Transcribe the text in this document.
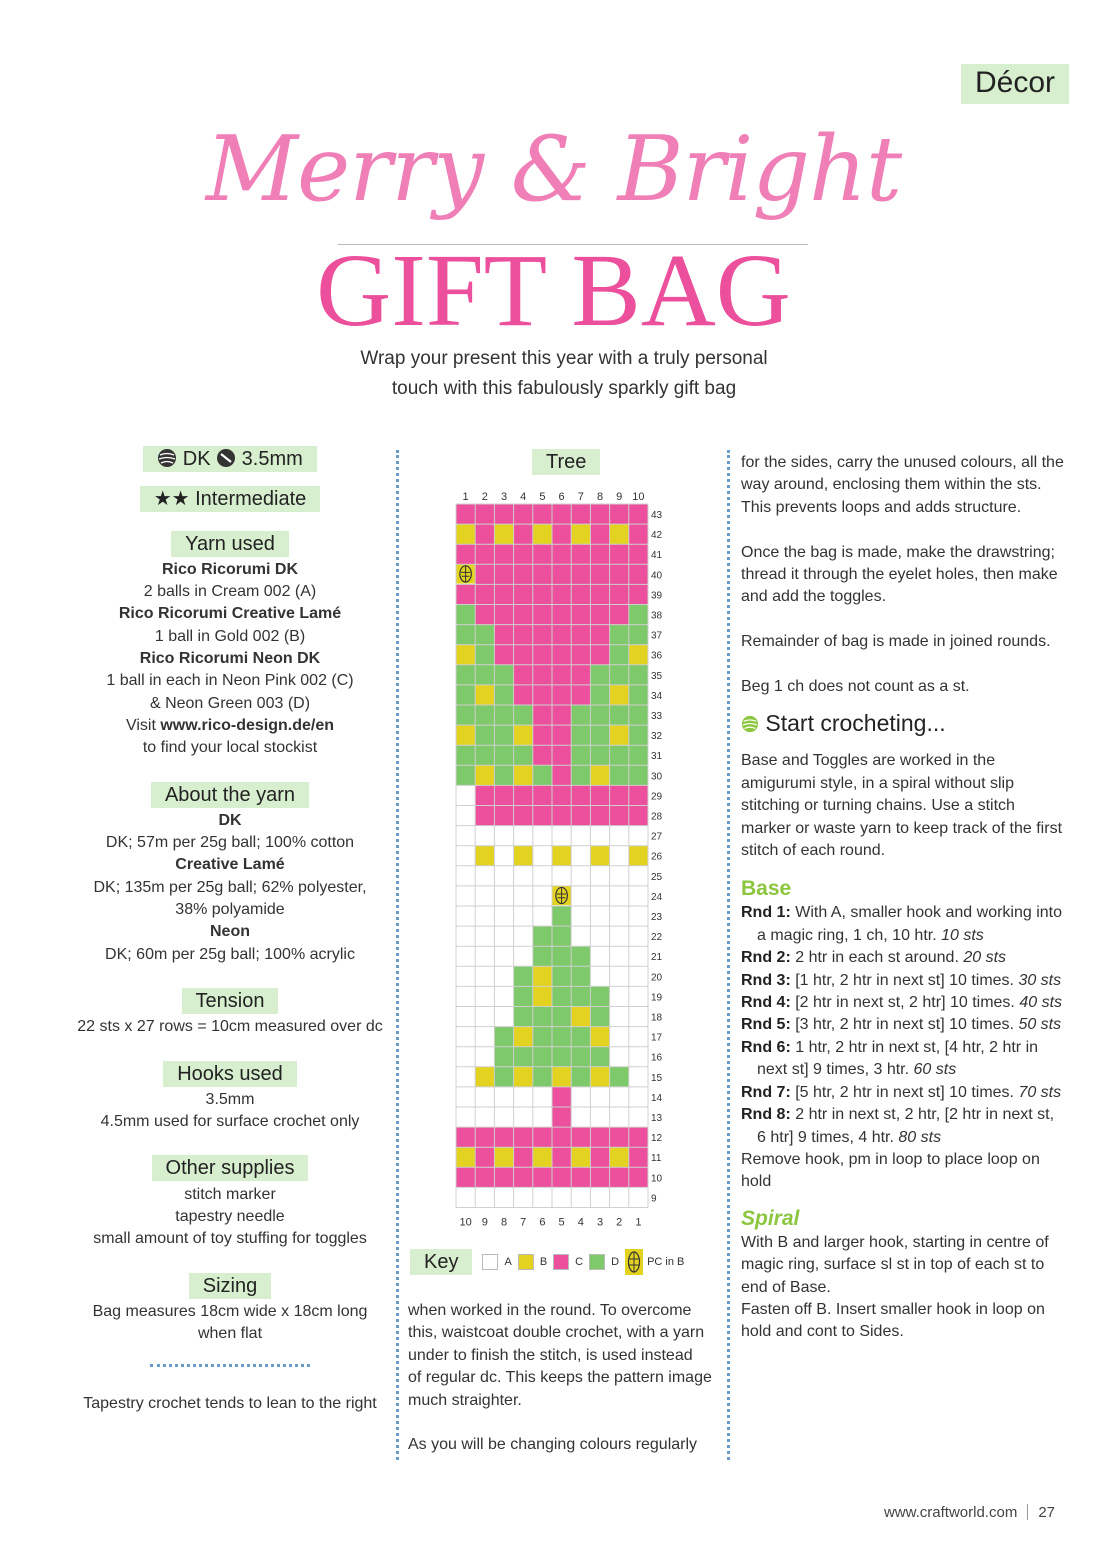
Décor
Merry & Bright
GIFT BAG
Wrap your present this year with a truly personal
touch with this fabulously sparkly gift bag
DK 3.5mm
★★ Intermediate
Yarn used

Rico Ricorumi DK

2 balls in Cream 002 (A)

Rico Ricorumi Creative Lamé

1 ball in Gold 002 (B)

Rico Ricorumi Neon DK

1 ball in each in Neon Pink 002 (C)

& Neon Green 003 (D)

Visit www.rico-design.de/en

to find your local stockist

About the yarn

DK

DK; 57m per 25g ball; 100% cotton

Creative Lamé

DK; 135m per 25g ball; 62% polyester,

38% polyamide

Neon

DK; 60m per 25g ball; 100% acrylic

Tension

22 sts x 27 rows = 10cm measured over dc

Hooks used

3.5mm

4.5mm used for surface crochet only

Other supplies

stitch marker

tapestry needle

small amount of toy stuffing for toggles

Sizing

Bag measures 18cm wide x 18cm long

when flat

Tapestry crochet tends to lean to the right

Tree
1 2 3 4 5 6 7 8 9 10
43
42
41
40
39
38
37
36
35
34
33
32
31
30
29
28
27
26
25
24
23
22
21
20
19
18
17
16
15
14
13
12
11
10
9
10 9 8 7 6 5 4 3 2 1
Key	A	B	C	D	PC in B
when worked in the round. To overcome
this, waistcoat double crochet, with a yarn
under to finish the stitch, is used instead
of regular dc. This keeps the pattern image
much straighter.
As you will be changing colours regularly

for the sides, carry the unused colours, all the way around, enclosing them within the sts. This prevents loops and adds structure.

Once the bag is made, make the drawstring; thread it through the eyelet holes, then make and add the toggles.

Remainder of bag is made in joined rounds.

Beg 1 ch does not count as a st.

Start crocheting...

Base and Toggles are worked in the amigurumi style, in a spiral without slip stitching or turning chains. Use a stitch marker or waste yarn to keep track of the first stitch of each round.

Base
Rnd 1: With A, smaller hook and working into a magic ring, 1 ch, 10 htr. 10 sts
Rnd 2: 2 htr in each st around. 20 sts
Rnd 3: [1 htr, 2 htr in next st] 10 times. 30 sts
Rnd 4: [2 htr in next st, 2 htr] 10 times. 40 sts
Rnd 5: [3 htr, 2 htr in next st] 10 times. 50 sts
Rnd 6: 1 htr, 2 htr in next st, [4 htr, 2 htr in next st] 9 times, 3 htr. 60 sts
Rnd 7: [5 htr, 2 htr in next st] 10 times. 70 sts
Rnd 8: 2 htr in next st, 2 htr, [2 htr in next st, 6 htr] 9 times, 4 htr. 80 sts
Remove hook, pm in loop to place loop on hold
Spiral
With B and larger hook, starting in centre of magic ring, surface sl st in top of each st to end of Base.
Fasten off B. Insert smaller hook in loop on hold and cont to Sides.
www.craftworld.com 27
